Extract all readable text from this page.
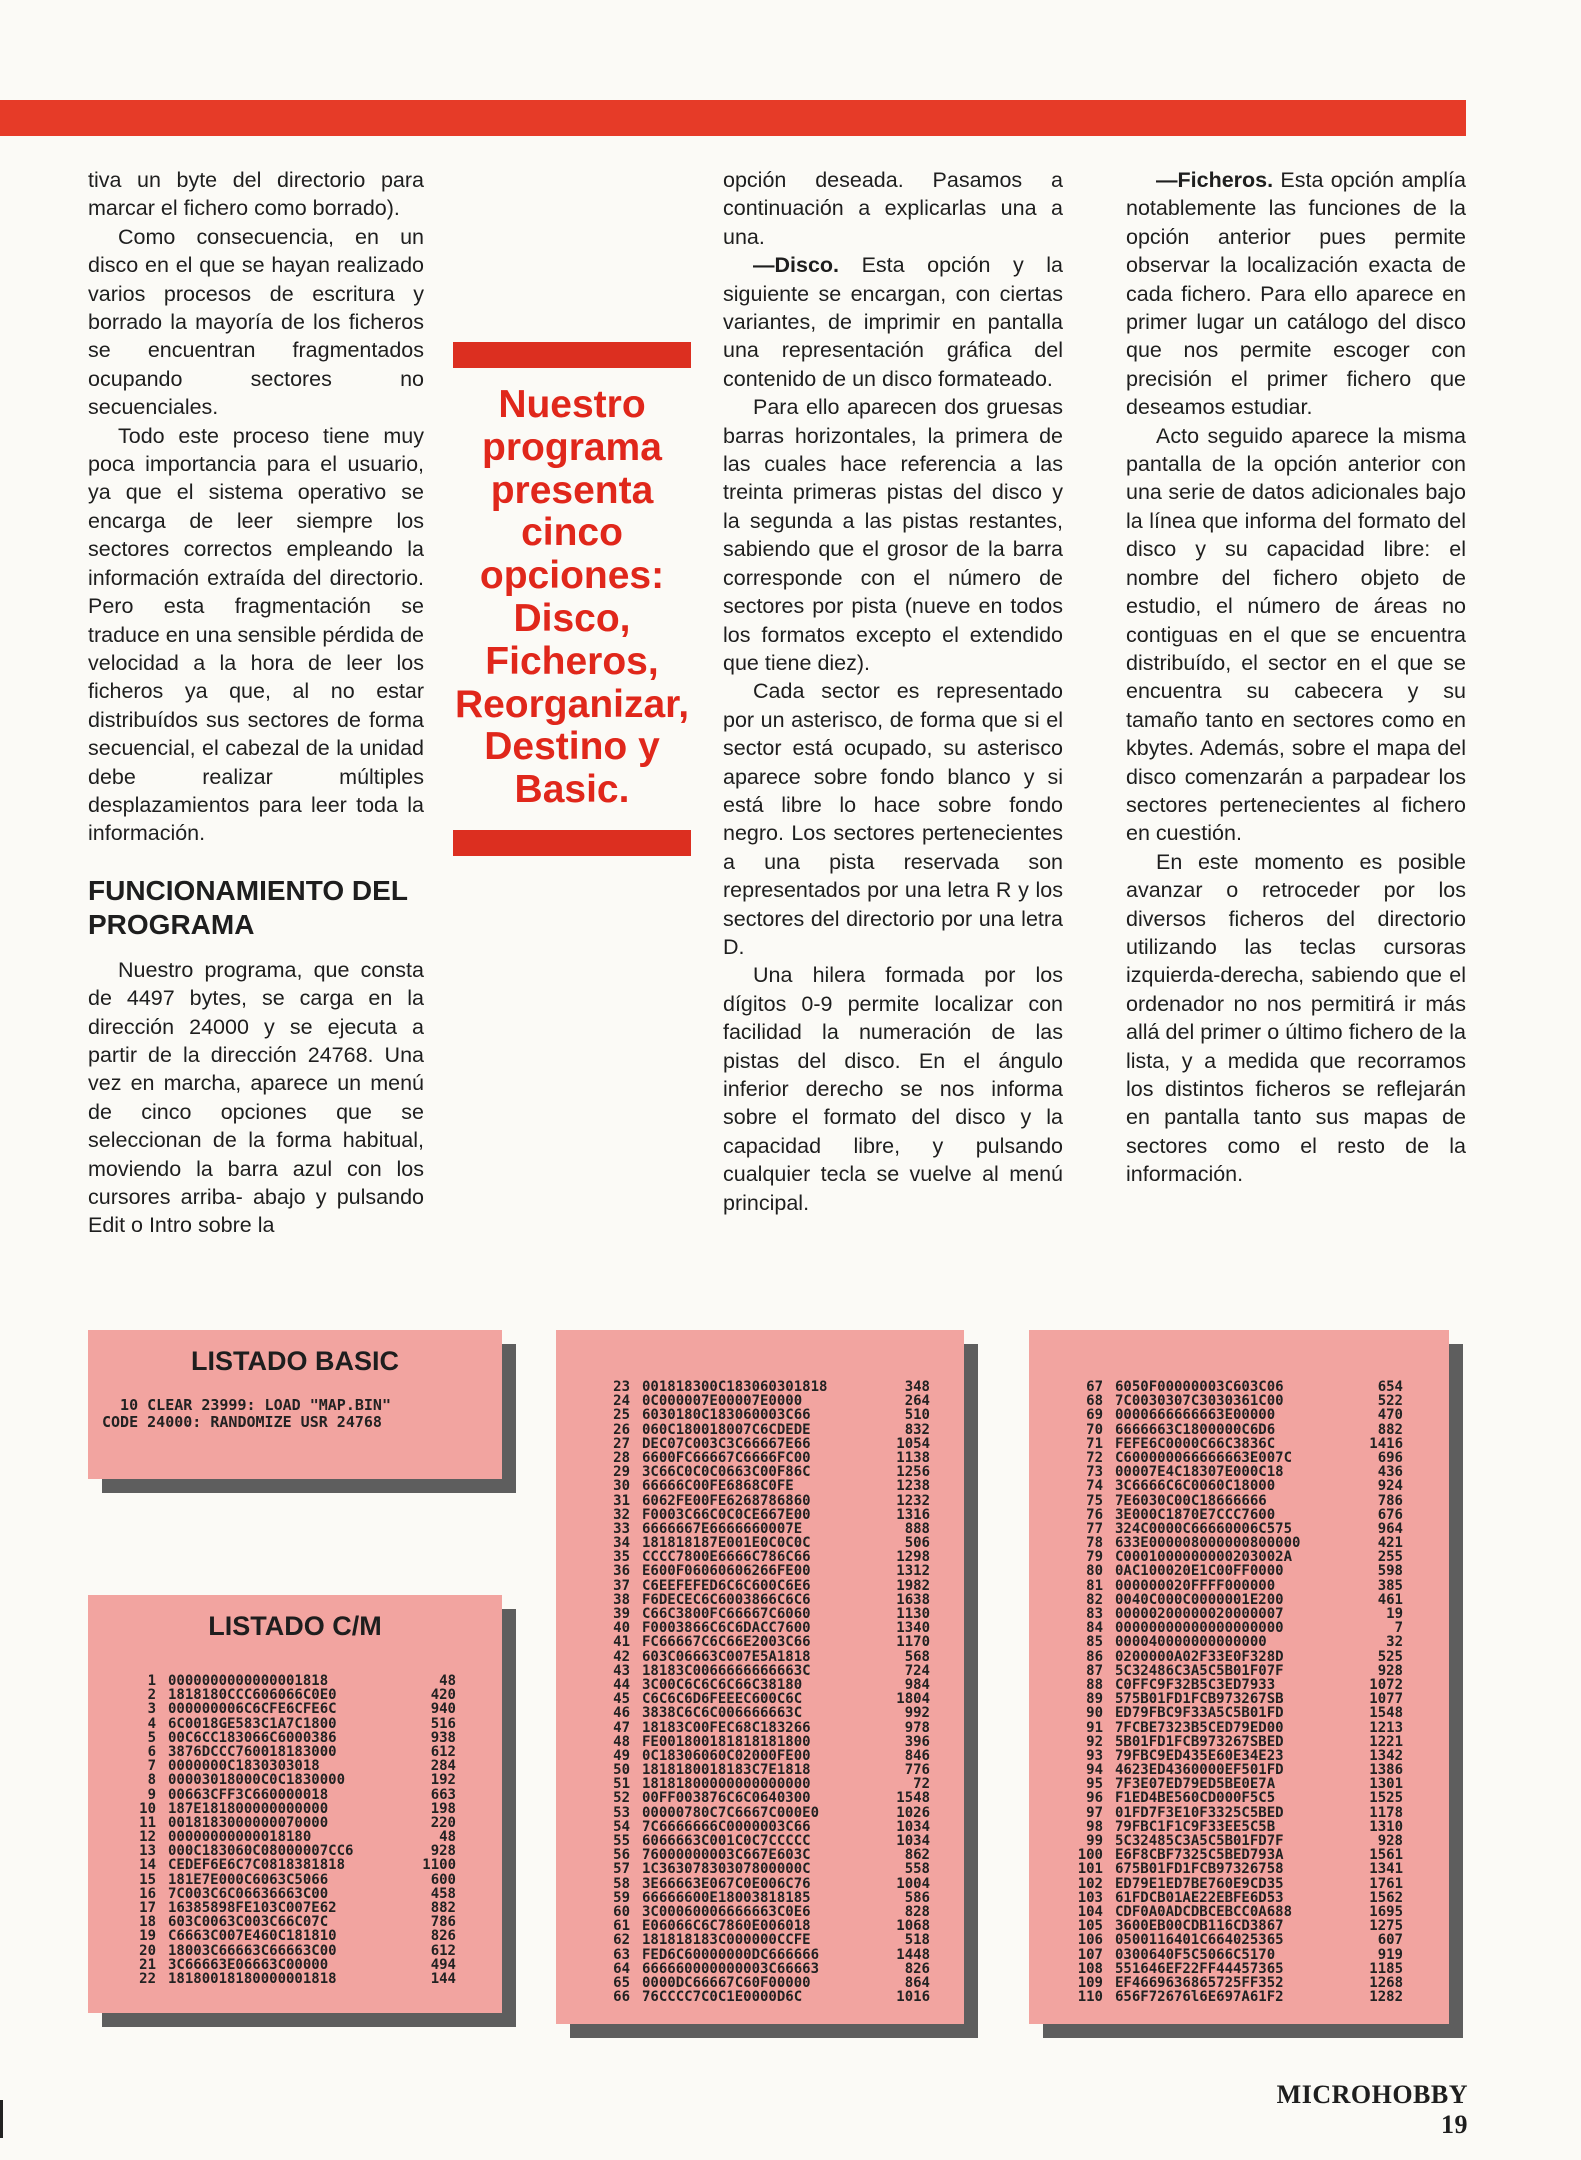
tiva un byte del directorio para marcar el fichero como borrado).

Como consecuencia, en un disco en el que se hayan realizado varios procesos de escritura y borrado la mayoría de los ficheros se encuentran fragmentados ocupando sectores no secuenciales.

Todo este proceso tiene muy poca importancia para el usuario, ya que el sistema operativo se encarga de leer siempre los sectores correctos empleando la información extraída del directorio. Pero esta fragmentación se traduce en una sensible pérdida de velocidad a la hora de leer los ficheros ya que, al no estar distribuídos sus sectores de forma secuencial, el cabezal de la unidad debe realizar múltiples desplazamientos para leer toda la información.

FUNCIONAMIENTO DEL PROGRAMA

Nuestro programa, que consta de 4497 bytes, se carga en la dirección 24000 y se ejecuta a partir de la dirección 24768. Una vez en marcha, aparece un menú de cinco opciones que se seleccionan de la forma habitual, moviendo la barra azul con los cursores arriba- abajo y pulsando Edit o Intro sobre la

Nuestro programa presenta cinco opciones: Disco, Ficheros, Reorganizar, Destino y Basic.

opción deseada. Pasamos a continuación a explicarlas una a una.

—Disco. Esta opción y la siguiente se encargan, con ciertas variantes, de imprimir en pantalla una representación gráfica del contenido de un disco formateado.

Para ello aparecen dos gruesas barras horizontales, la primera de las cuales hace referencia a las treinta primeras pistas del disco y la segunda a las pistas restantes, sabiendo que el grosor de la barra corresponde con el número de sectores por pista (nueve en todos los formatos excepto el extendido que tiene diez).

Cada sector es representado por un asterisco, de forma que si el sector está ocupado, su asterisco aparece sobre fondo blanco y si está libre lo hace sobre fondo negro. Los sectores pertenecientes a una pista reservada son representados por una letra R y los sectores del directorio por una letra D.

Una hilera formada por los dígitos 0-9 permite localizar con facilidad la numeración de las pistas del disco. En el ángulo inferior derecho se nos informa sobre el formato del disco y la capacidad libre, y pulsando cualquier tecla se vuelve al menú principal.

—Ficheros. Esta opción amplía notablemente las funciones de la opción anterior pues permite observar la localización exacta de cada fichero. Para ello aparece en primer lugar un catálogo del disco que nos permite escoger con precisión el primer fichero que deseamos estudiar.

Acto seguido aparece la misma pantalla de la opción anterior con una serie de datos adicionales bajo la línea que informa del formato del disco y su capacidad libre: el nombre del fichero objeto de estudio, el número de áreas no contiguas en el que se encuentra distribuído, el sector en el que se encuentra su cabecera y su tamaño tanto en sectores como en kbytes. Además, sobre el mapa del disco comenzarán a parpadear los sectores pertenecientes al fichero en cuestión.

En este momento es posible avanzar o retroceder por los diversos ficheros del directorio utilizando las teclas cursoras izquierda-derecha, sabiendo que el ordenador no nos permitirá ir más allá del primer o último fichero de la lista, y a medida que recorramos los distintos ficheros se reflejarán en pantalla tanto sus mapas de sectores como el resto de la información.

LISTADO BASIC
10 CLEAR 23999: LOAD "MAP.BIN"
CODE 24000: RANDOMIZE USR 24768
LISTADO C/M
1 0000000000000001818	48
2 1818180CCC606066C0E0	420
3 000000006C6CFE6CFE6C	940
4 6C0018GE583C1A7C1800	516
5 00C6CC183066C6000386	938
6 3876DCCC760018183000	612
7 0000000C1830303018	284
8 00003018000C0C1830000	192
9 00663CFF3C660000018	663
10 187E181800000000000	198
11 0018183000000070000	220
12 00000000000018180	48
13 000C183060C08000007CC6	928
14 CEDEF6E6C7C0818381818	1100
15 181E7E000C6063C5066	600
16 7C003C6C06636663C00	458
17 16385898FE103C007E62	882
18 603C0063C003C66C07C	786
19 C6663C007E460C181810	826
20 18003C66663C66663C00	612
21 3C66663E06663C00000	494
22 18180018180000001818	144
23 001818300C183060301818	348
24 0C000007E00007E0000	264
25 6030180C183060003C66	510
26 060C180018007C6CDEDE	832
27 DEC07C003C3C66667E66	1054
28 6600FC66667C6666FC00	1138
29 3C66C0C0C0663C00F86C	1256
30 66666C00FE6868C0FE	1238
31 6062FE00FE6268786860	1232
32 F0003C66C0C0CE667E00	1316
33 6666667E6666660007E	888
34 181818187E001E0C0C0C	506
35 CCCC7800E6666C786C66	1298
36 E600F06060606266FE00	1312
37 C6EEFEFED6C6C600C6E6	1982
38 F6DECEC6C6003866C6C6	1638
39 C66C3800FC66667C6060	1130
40 F0003866C6C6DACC7600	1340
41 FC66667C6C66E2003C66	1170
42 603C06663C007E5A1818	568
43 18183C0066666666663C	724
44 3C00C6C6C6C66C38180	984
45 C6C6C6D6FEEEC600C6C	1804
46 3838C6C6C006666663C	992
47 18183C00FEC68C183266	978
48 FE001800181818181800	396
49 0C18306060C02000FE00	846
50 1818180018183C7E1818	776
51 18181800000000000000	72
52 00FF003876C6C0640300	1548
53 00000780C7C6667C000E0	1026
54 7C6666666C0000003C66	1034
55 6066663C001C0C7CCCCC	1034
56 76000000003C667E603C	862
57 1C36307830307800000C	558
58 3E66663E067C0E006C76	1004
59 66666600E18003818185	586
60 3C00060006666663C0E6	828
61 E06066C6C7860E006018	1068
62 181818183C000000CCFE	518
63 FED6C60000000DC666666	1448
64 666660000000003C66663	826
65 0000DC66667C60F00000	864
66 76CCCC7C0C1E0000D6C	1016
67 6050F00000003C603C06	654
68 7C0030307C3030361C00	522
69 0000666666663E00000	470
70 6666663C1800000C6D6	882
71 FEFE6C0000C66C3836C	1416
72 C600000066666663E007C	696
73 00007E4C18307E000C18	436
74 3C6666C6C0060C18000	924
75 7E6030C00C18666666	786
76 3E000C1870E7CCC7600	676
77 324C0000C66660006C575	964
78 633E000008000000800000	421
79 C0001000000000203002A	255
80 0AC100020E1C00FF0000	598
81 000000020FFFF000000	385
82 0040C000C0000001E200	461
83 00000200000020000007	19
84 00000000000000000000	7
85 000040000000000000	32
86 0200000A02F33E0F328D	525
87 5C32486C3A5C5B01F07F	928
88 C0FFC9F32B5C3ED7933	1072
89 575B01FD1FCB973267SB	1077
90 ED79FBC9F33A5C5B01FD	1548
91 7FCBE7323B5CED79ED00	1213
92 5B01FD1FCB973267SBED	1221
93 79FBC9ED435E60E34E23	1342
94 4623ED4360000EF501FD	1386
95 7F3E07ED79ED5BE0E7A	1301
96 F1ED4BE560CD000F5C5	1525
97 01FD7F3E10F3325C5BED	1178
98 79FBC1F1C9F33EE5C5B	1310
99 5C32485C3A5C5B01FD7F	928
100 E6F8CBF7325C5BED793A	1561
101 675B01FD1FCB97326758	1341
102 ED79E1ED7BE760E9CD35	1761
103 61FDCB01AE22EBFE6D53	1562
104 CDF0A0ADCDBCEBCC0A688	1695
105 3600EB00CDB116CD3867	1275
106 0500116401C664025365	607
107 0300640F5C5066C5170	919
108 551646EF22FF44457365	1185
109 EF4669636865725FF352	1268
110 656F72676l6E697A61F2	1282
MICROHOBBY 19
